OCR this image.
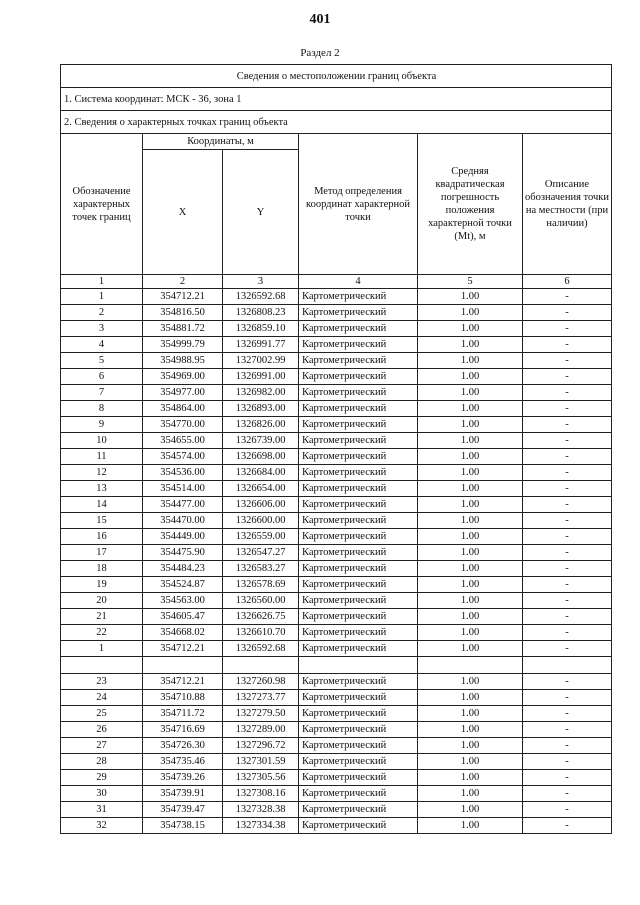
401
Раздел 2
Сведения о местоположении границ объекта					
1. Система координат: МСК - 36, зона 1					
2. Сведения о характерных точках границ объекта					
Обозначение характерных точек границ	Координаты, м		Метод определения координат характерной точки	Средняя квадратическая погрешность положения характерной точки (Mt), м	Описание обозначения точки на местности (при наличии)
	X	Y			
1	2	3	4	5	6
1	354712.21	1326592.68	Картометрический	1.00	-
2	354816.50	1326808.23	Картометрический	1.00	-
3	354881.72	1326859.10	Картометрический	1.00	-
4	354999.79	1326991.77	Картометрический	1.00	-
5	354988.95	1327002.99	Картометрический	1.00	-
6	354969.00	1326991.00	Картометрический	1.00	-
7	354977.00	1326982.00	Картометрический	1.00	-
8	354864.00	1326893.00	Картометрический	1.00	-
9	354770.00	1326826.00	Картометрический	1.00	-
10	354655.00	1326739.00	Картометрический	1.00	-
11	354574.00	1326698.00	Картометрический	1.00	-
12	354536.00	1326684.00	Картометрический	1.00	-
13	354514.00	1326654.00	Картометрический	1.00	-
14	354477.00	1326606.00	Картометрический	1.00	-
15	354470.00	1326600.00	Картометрический	1.00	-
16	354449.00	1326559.00	Картометрический	1.00	-
17	354475.90	1326547.27	Картометрический	1.00	-
18	354484.23	1326583.27	Картометрический	1.00	-
19	354524.87	1326578.69	Картометрический	1.00	-
20	354563.00	1326560.00	Картометрический	1.00	-
21	354605.47	1326626.75	Картометрический	1.00	-
22	354668.02	1326610.70	Картометрический	1.00	-
1	354712.21	1326592.68	Картометрический	1.00	-

23	354712.21	1327260.98	Картометрический	1.00	-
24	354710.88	1327273.77	Картометрический	1.00	-
25	354711.72	1327279.50	Картометрический	1.00	-
26	354716.69	1327289.00	Картометрический	1.00	-
27	354726.30	1327296.72	Картометрический	1.00	-
28	354735.46	1327301.59	Картометрический	1.00	-
29	354739.26	1327305.56	Картометрический	1.00	-
30	354739.91	1327308.16	Картометрический	1.00	-
31	354739.47	1327328.38	Картометрический	1.00	-
32	354738.15	1327334.38	Картометрический	1.00	-
